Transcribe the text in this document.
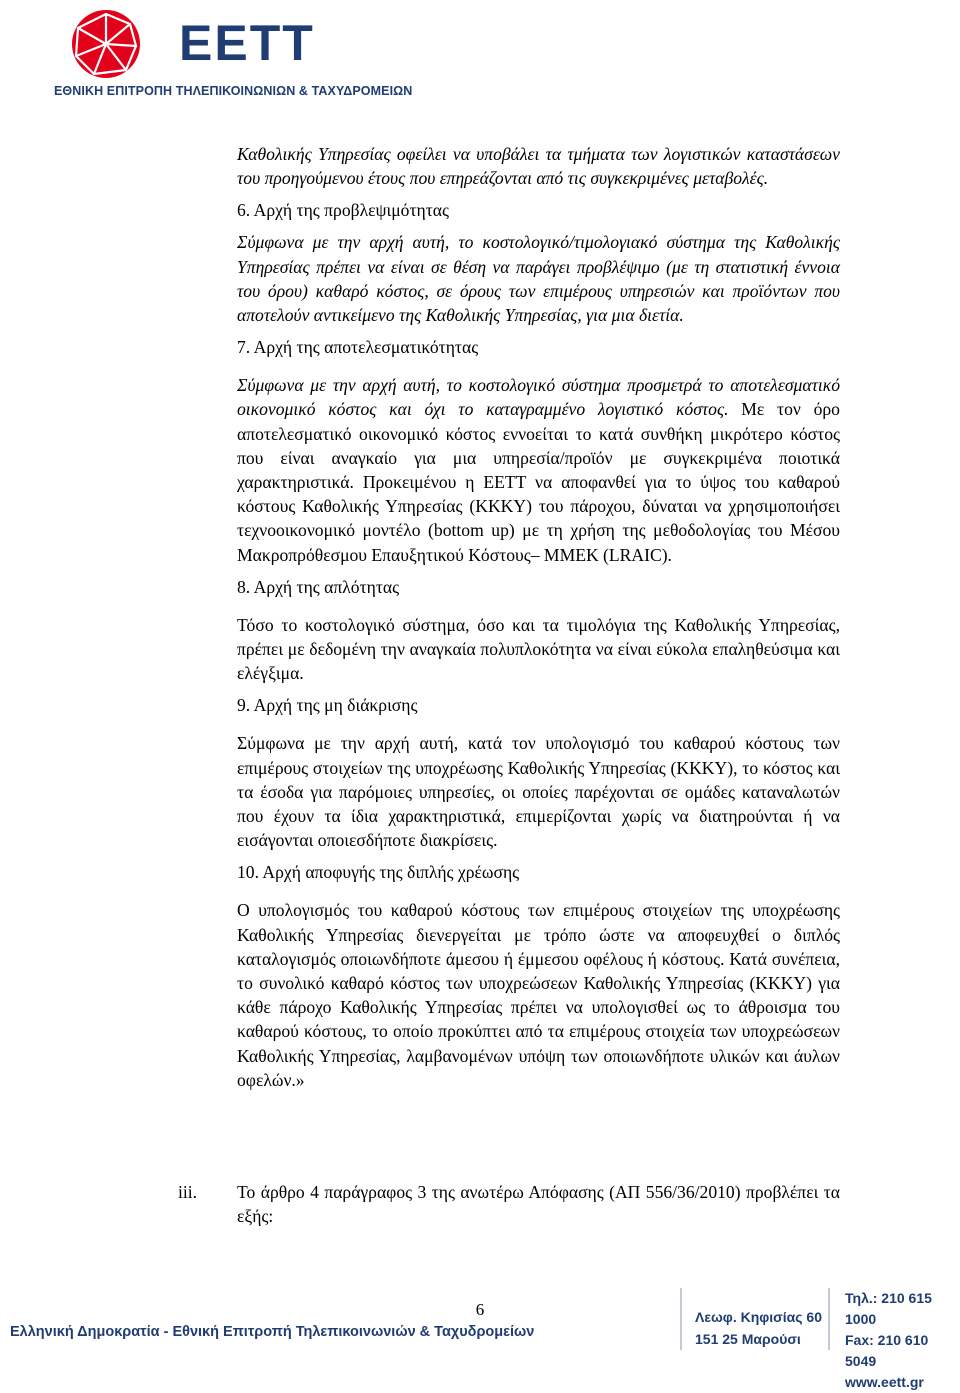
ΕΕΤΤ
ΕΘΝΙΚΗ ΕΠΙΤΡΟΠΗ ΤΗΛΕΠΙΚΟΙΝΩΝΙΩΝ & ΤΑΧΥΔΡΟΜΕΙΩΝ

Καθολικής Υπηρεσίας οφείλει να υποβάλει τα τμήματα των λογιστικών καταστάσεων του προηγούμενου έτους που επηρεάζονται από τις συγκεκριμένες μεταβολές.

6. Αρχή της προβλεψιμότητας

Σύμφωνα με την αρχή αυτή, το κοστολογικό/τιμολογιακό σύστημα της Καθολικής Υπηρεσίας πρέπει να είναι σε θέση να παράγει προβλέψιμο (με τη στατιστική έννοια του όρου) καθαρό κόστος, σε όρους των επιμέρους υπηρεσιών και προϊόντων που αποτελούν αντικείμενο της Καθολικής Υπηρεσίας, για μια διετία.

7. Αρχή της αποτελεσματικότητας

Σύμφωνα με την αρχή αυτή, το κοστολογικό σύστημα προσμετρά το αποτελεσματικό οικονομικό κόστος και όχι το καταγραμμένο λογιστικό κόστος. Με τον όρο αποτελεσματικό οικονομικό κόστος εννοείται το κατά συνθήκη μικρότερο κόστος που είναι αναγκαίο για μια υπηρεσία/προϊόν με συγκεκριμένα ποιοτικά χαρακτηριστικά. Προκειμένου η ΕΕΤΤ να αποφανθεί για το ύψος του καθαρού κόστους Καθολικής Υπηρεσίας (ΚΚΚΥ) του πάροχου, δύναται να χρησιμοποιήσει τεχνοοικονομικό μοντέλο (bottom up) με τη χρήση της μεθοδολογίας του Μέσου Μακροπρόθεσμου Επαυξητικού Κόστους– ΜΜΕΚ (LRAIC).

8. Αρχή της απλότητας

Τόσο το κοστολογικό σύστημα, όσο και τα τιμολόγια της Καθολικής Υπηρεσίας, πρέπει με δεδομένη την αναγκαία πολυπλοκότητα να είναι εύκολα επαληθεύσιμα και ελέγξιμα.

9. Αρχή της μη διάκρισης

Σύμφωνα με την αρχή αυτή, κατά τον υπολογισμό του καθαρού κόστους των επιμέρους στοιχείων της υποχρέωσης Καθολικής Υπηρεσίας (ΚΚΚΥ), το κόστος και τα έσοδα για παρόμοιες υπηρεσίες, οι οποίες παρέχονται σε ομάδες καταναλωτών που έχουν τα ίδια χαρακτηριστικά, επιμερίζονται χωρίς να διατηρούνται ή να εισάγονται οποιεσδήποτε διακρίσεις.

10. Αρχή αποφυγής της διπλής χρέωσης

Ο υπολογισμός του καθαρού κόστους των επιμέρους στοιχείων της υποχρέωσης Καθολικής Υπηρεσίας διενεργείται με τρόπο ώστε να αποφευχθεί ο διπλός καταλογισμός οποιωνδήποτε άμεσου ή έμμεσου οφέλους ή κόστους. Κατά συνέπεια, το συνολικό καθαρό κόστος των υποχρεώσεων Καθολικής Υπηρεσίας (ΚΚΚΥ) για κάθε πάροχο Καθολικής Υπηρεσίας πρέπει να υπολογισθεί ως το άθροισμα του καθαρού κόστους, το οποίο προκύπτει από τα επιμέρους στοιχεία των υποχρεώσεων Καθολικής Υπηρεσίας, λαμβανομένων υπόψη των οποιωνδήποτε υλικών και άυλων οφελών.»

iii. Το άρθρο 4 παράγραφος 3 της ανωτέρω Απόφασης (ΑΠ 556/36/2010) προβλέπει τα εξής:
6
Ελληνική Δημοκρατία - Εθνική Επιτροπή Τηλεπικοινωνιών & Ταχυδρομείων
Λεωφ. Κηφισίας 60
151 25 Μαρούσι
Τηλ.: 210 615 1000
Fax: 210 610 5049
www.eett.gr
